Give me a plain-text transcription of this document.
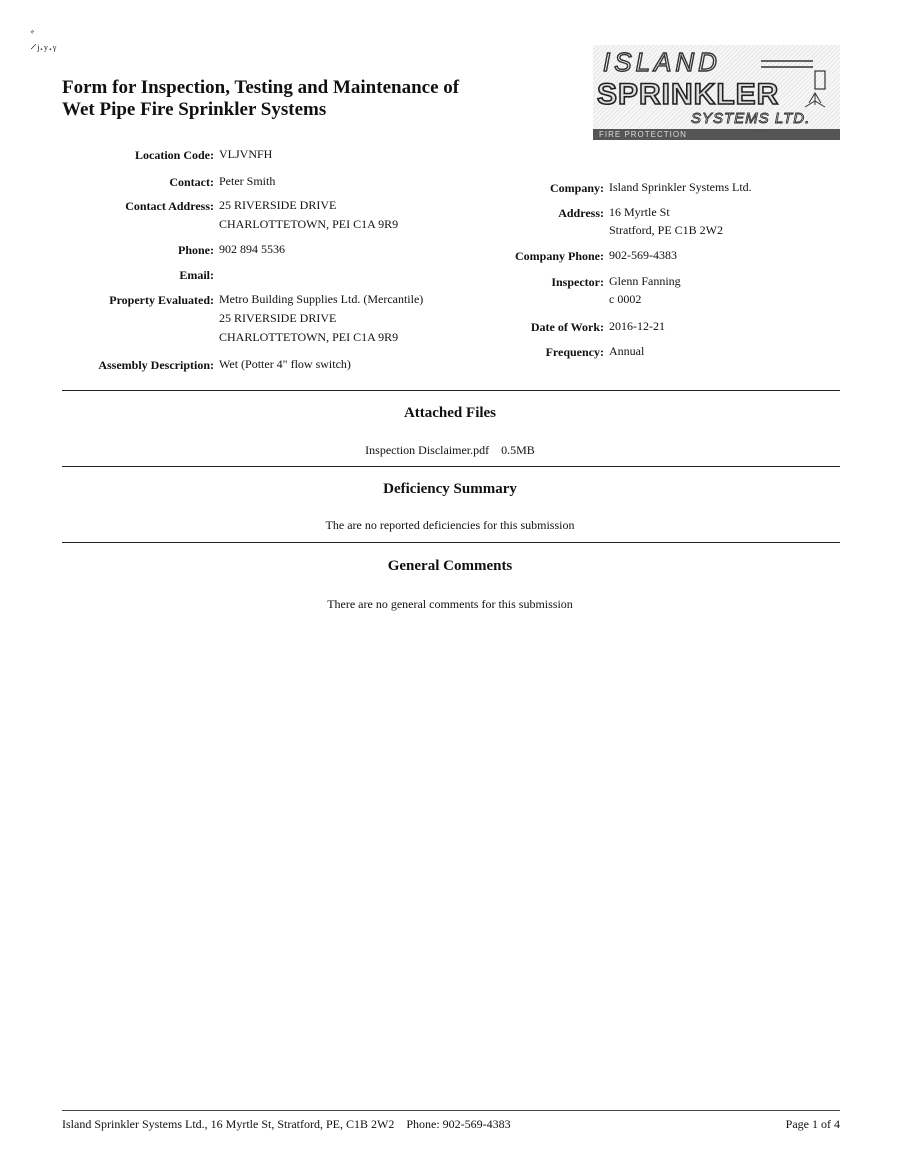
ﾞ
⸍ʲ·ʸ·ᵞ
Form for Inspection, Testing and Maintenance of
Wet Pipe Fire Sprinkler Systems
ISLAND
SPRINKLER
SYSTEMS LTD.
FIRE PROTECTION
Location Code: VLJVNFH
Contact: Peter Smith
Contact Address: 25 RIVERSIDE DRIVE
CHARLOTTETOWN, PEI C1A 9R9
Phone: 902 894 5536
Email:
Property Evaluated: Metro Building Supplies Ltd. (Mercantile)
25 RIVERSIDE DRIVE
CHARLOTTETOWN, PEI C1A 9R9
Assembly Description: Wet (Potter 4" flow switch)
Company: Island Sprinkler Systems Ltd.
Address: 16 Myrtle St
Stratford, PE C1B 2W2
Company Phone: 902-569-4383
Inspector: Glenn Fanning
c 0002
Date of Work: 2016-12-21
Frequency: Annual
Attached Files
Inspection Disclaimer.pdf 0.5MB
Deficiency Summary
The are no reported deficiencies for this submission
General Comments
There are no general comments for this submission
Island Sprinkler Systems Ltd., 16 Myrtle St, Stratford, PE, C1B 2W2 Phone: 902-569-4383	Page 1 of 4
